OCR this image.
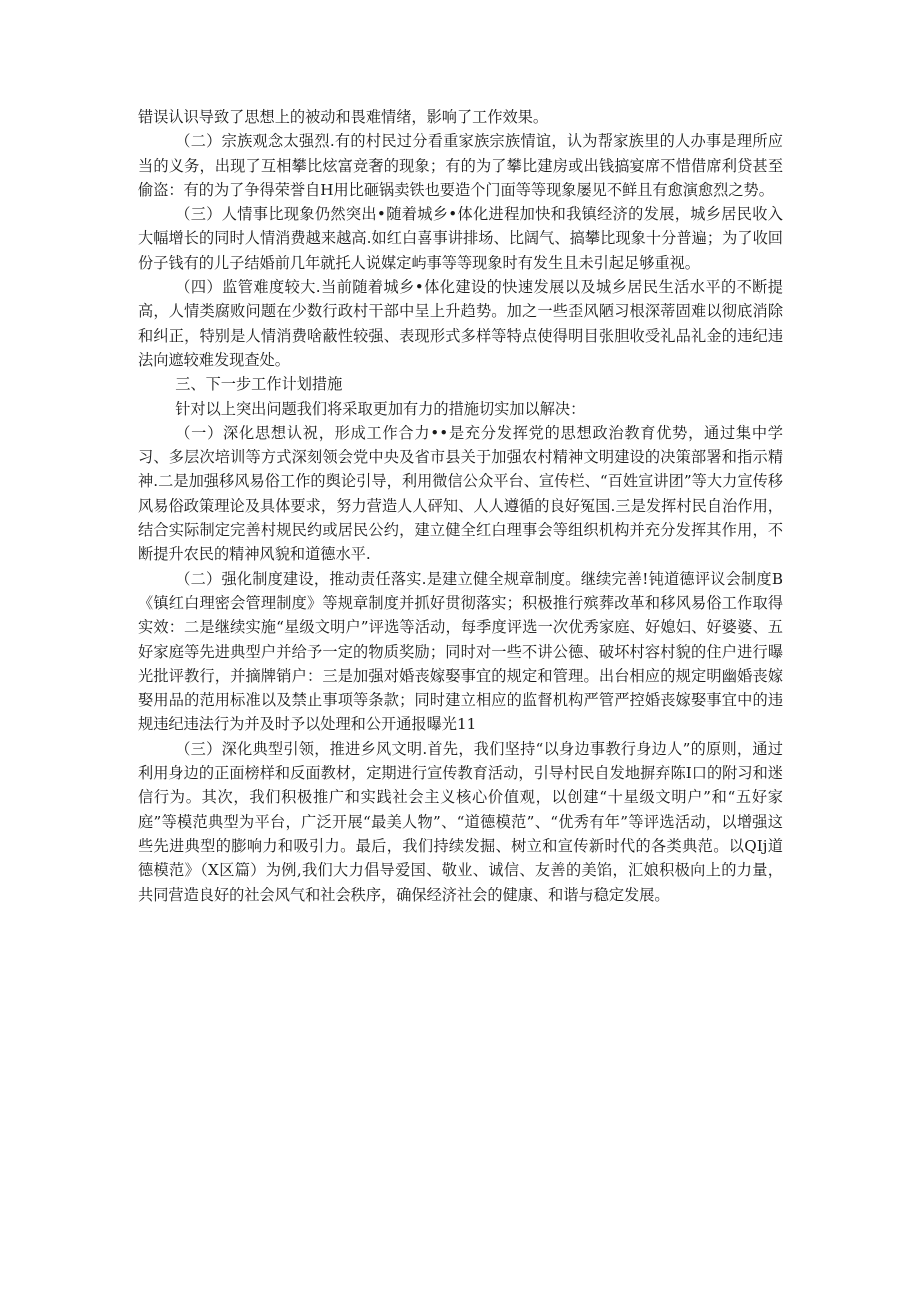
错误认识导致了思想上的被动和畏难情绪，影响了工作效果。

（二）宗族观念太强烈.有的村民过分看重家族宗族情谊，认为帮家族里的人办事是理所应当的义务，出现了互相攀比炫富竞奢的现象；有的为了攀比建房或出钱搞宴席不惜借席利贷甚至偷盗：有的为了争得荣誉自H用比砸锅卖铁也要造个门面等等现象屡见不鲜且有愈演愈烈之势。

（三）人情事比现象仍然突出•随着城乡•体化进程加快和我镇经济的发展，城乡居民收入大幅增长的同时人情消费越来越高.如红白喜事讲排场、比阔气、搞攀比现象十分普遍；为了收回份子钱有的儿子结婚前几年就托人说媒定屿事等等现象时有发生且未引起足够重视。

（四）监管难度较大.当前随着城乡•体化建设的快速发展以及城乡居民生活水平的不断提高，人情类腐败问题在少数行政村干部中呈上升趋势。加之一些歪风陋习根深蒂固难以彻底消除和纠正，特别是人情消费啥蔽性较强、表现形式多样等特点使得明目张胆收受礼品礼金的违纪违法向遮较难发现查处。

三、下一步工作计划措施

针对以上突出问题我们将采取更加有力的措施切实加以解决：

（一）深化思想认祝，形成工作合力••是充分发挥党的思想政治教育优势，通过集中学习、多层次培训等方式深刻领会党中央及省市县关于加强农村精神文明建设的决策部署和指示精神.二是加强移风易俗工作的舆论引导，利用微信公众平台、宣传栏、“百姓宣讲团”等大力宣传移风易俗政策理论及具体要求，努力营造人人砰知、人人遵循的良好冤国.三是发挥村民自治作用，结合实际制定完善村规民约或居民公约，建立健全红白理事会等组织机构并充分发挥其作用，不断提升农民的精神风貌和道德水平.

（二）强化制度建设，推动责任落实.是建立健全规章制度。继续完善!钝道德评议会制度B《镇红白理密会管理制度》等规章制度并抓好贯彻落实；积极推行殡葬改革和移风易俗工作取得实效：二是继续实施“星级文明户”评选等活动，每季度评选一次优秀家庭、好媳妇、好婆婆、五好家庭等先进典型户并给予一定的物质奖励；同时对一些不讲公德、破坏村容村貌的住户进行曝光批评教行，并摘牌销户：三是加强对婚丧嫁娶事宜的规定和管理。出台相应的规定明幽婚丧嫁娶用品的范用标准以及禁止事项等条款；同时建立相应的监督机构严管严控婚丧嫁娶事宜中的违规违纪违法行为并及时予以处理和公开通报曝光11

（三）深化典型引领，推进乡风文明.首先，我们坚持“以身边事教行身边人”的原则，通过利用身边的正面榜样和反面教材，定期进行宣传教育活动，引导村民自发地摒弃陈I口的附习和迷信行为。其次，我们积极推广和实践社会主义核心价值观，以创建“十星级文明户”和“五好家庭”等模范典型为平台，广泛开展“最美人物”、“道德模范”、“优秀有年”等评选活动，以增强这些先进典型的膨响力和吸引力。最后，我们持续发掘、树立和宣传新时代的各类典范。以QIj道德模范》（X区篇）为例,我们大力倡导爱国、敬业、诚信、友善的美馅，汇娘积极向上的力量，共同营造良好的社会风气和社会秩序，确保经济社会的健康、和谐与稳定发展。
